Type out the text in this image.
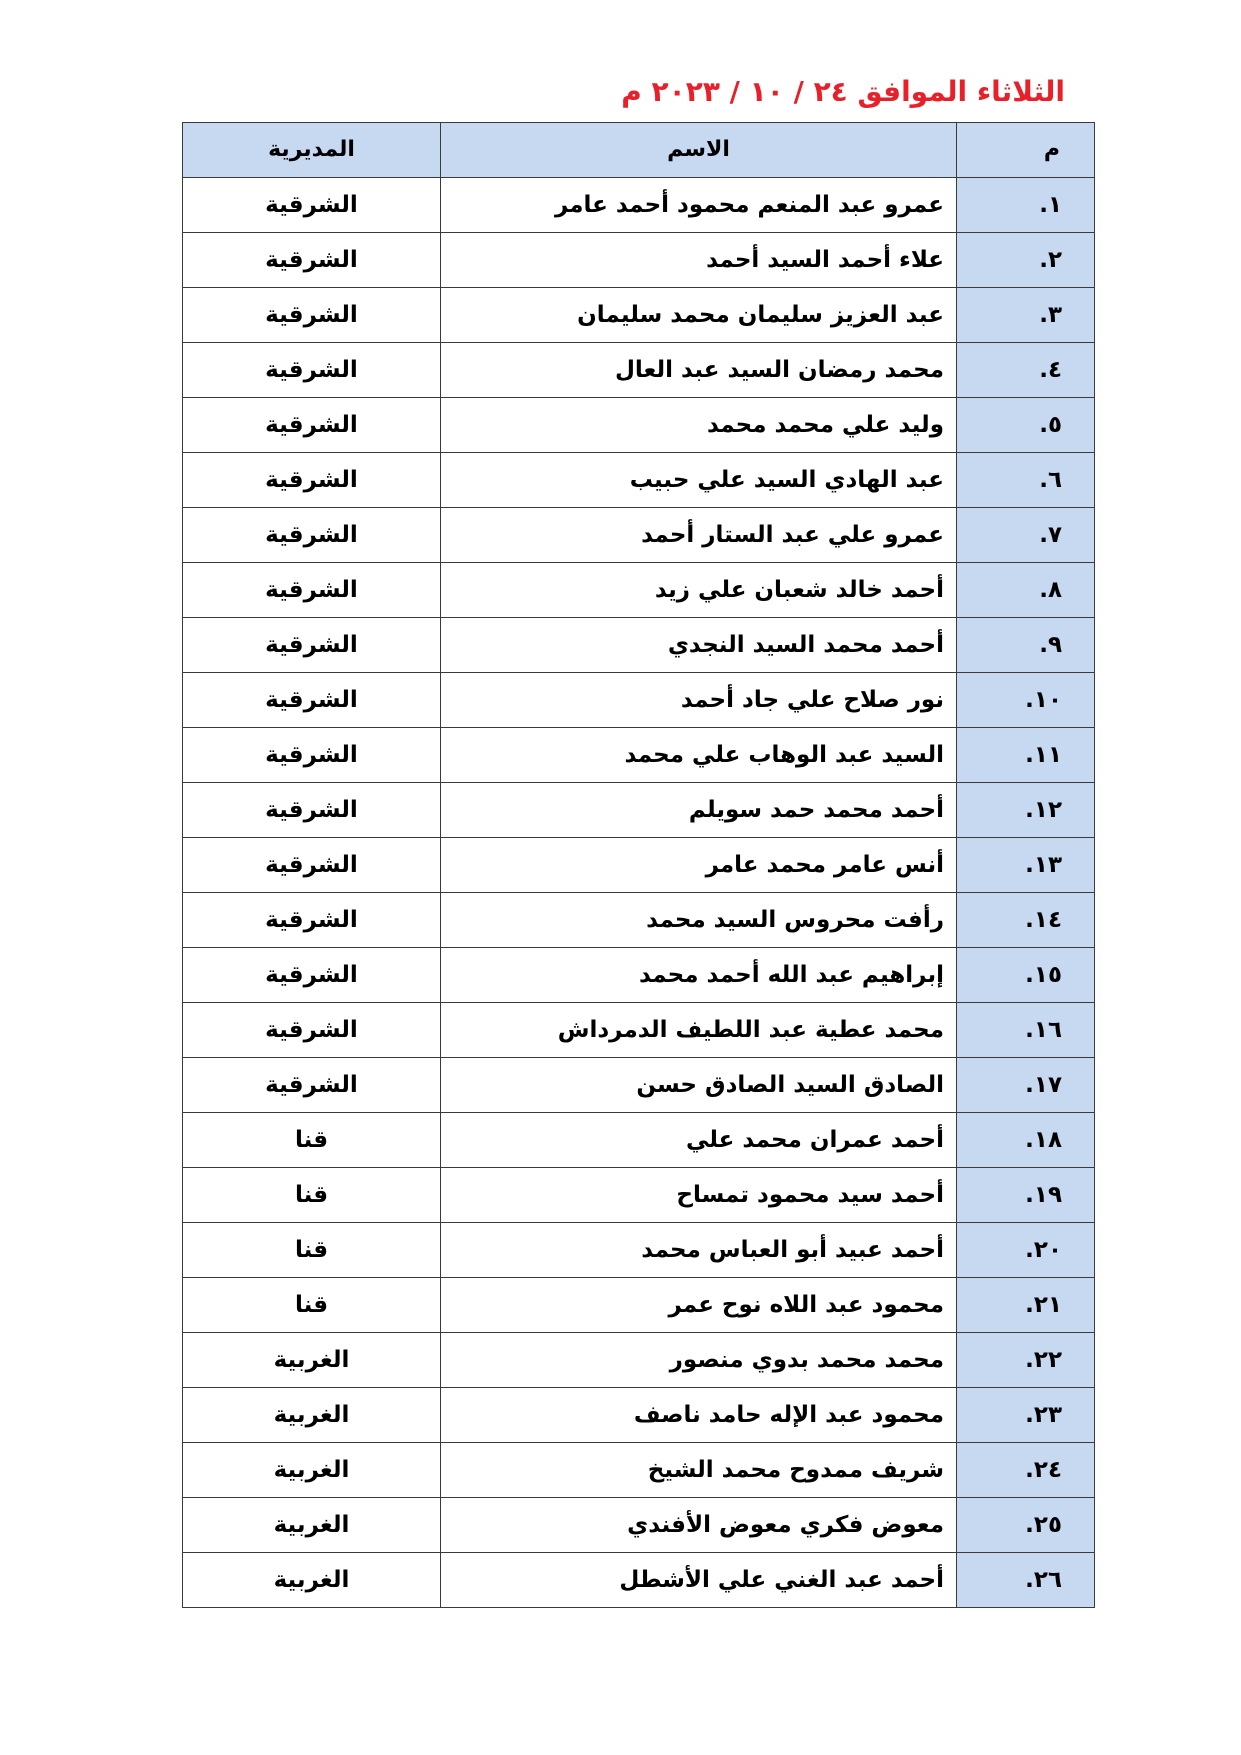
الثلاثاء الموافق ٢٤ / ١٠ / ٢٠٢٣ م
م	الاسم	المديرية
١.	عمرو عبد المنعم محمود أحمد عامر	الشرقية
٢.	علاء أحمد السيد أحمد	الشرقية
٣.	عبد العزيز سليمان محمد سليمان	الشرقية
٤.	محمد رمضان السيد عبد العال	الشرقية
٥.	وليد علي محمد محمد	الشرقية
٦.	عبد الهادي السيد علي حبيب	الشرقية
٧.	عمرو علي عبد الستار أحمد	الشرقية
٨.	أحمد خالد شعبان علي زيد	الشرقية
٩.	أحمد محمد السيد النجدي	الشرقية
١٠.	نور صلاح علي جاد أحمد	الشرقية
١١.	السيد عبد الوهاب علي محمد	الشرقية
١٢.	أحمد محمد حمد سويلم	الشرقية
١٣.	أنس عامر محمد عامر	الشرقية
١٤.	رأفت محروس السيد محمد	الشرقية
١٥.	إبراهيم عبد الله أحمد محمد	الشرقية
١٦.	محمد عطية عبد اللطيف الدمرداش	الشرقية
١٧.	الصادق السيد الصادق حسن	الشرقية
١٨.	أحمد عمران محمد علي	قنا
١٩.	أحمد سيد محمود تمساح	قنا
٢٠.	أحمد عبيد أبو العباس محمد	قنا
٢١.	محمود عبد اللاه نوح عمر	قنا
٢٢.	محمد محمد بدوي منصور	الغربية
٢٣.	محمود عبد الإله حامد ناصف	الغربية
٢٤.	شريف ممدوح محمد الشيخ	الغربية
٢٥.	معوض فكري معوض الأفندي	الغربية
٢٦.	أحمد عبد الغني علي الأشطل	الغربية
